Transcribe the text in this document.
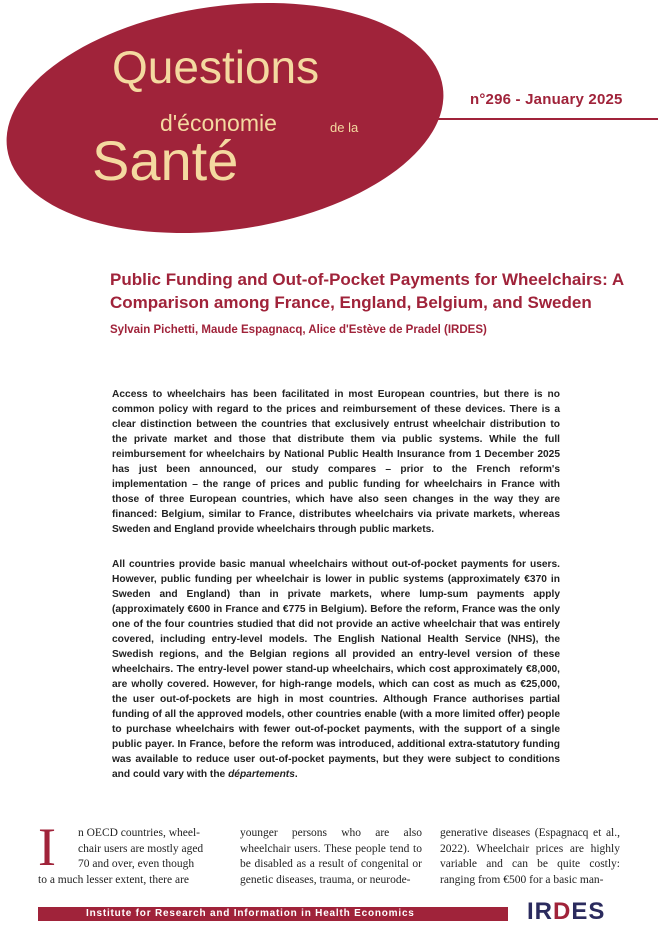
Questions
d'économie	de la
Santé
n°296 - January 2025
Public Funding and Out-of-Pocket Payments for Wheelchairs: A Comparison among France, England, Belgium, and Sweden
Sylvain Pichetti, Maude Espagnacq, Alice d'Estève de Pradel (IRDES)

Access to wheelchairs has been facilitated in most European countries, but there is no common policy with regard to the prices and reimbursement of these devices. There is a clear distinction between the countries that exclusively entrust wheelchair distribution to the private market and those that distribute them via public systems. While the full reimbursement for wheelchairs by National Public Health Insurance from 1 December 2025 has just been announced, our study compares – prior to the French reform's implementation – the range of prices and public funding for wheelchairs in France with those of three European countries, which have also seen changes in the way they are financed: Belgium, similar to France, distributes wheelchairs via private markets, whereas Sweden and England provide wheelchairs through public markets.

All countries provide basic manual wheelchairs without out-of-pocket payments for users. However, public funding per wheelchair is lower in public systems (approximately €370 in Sweden and England) than in private markets, where lump-sum payments apply (approximately €600 in France and €775 in Belgium). Before the reform, France was the only one of the four countries studied that did not provide an active wheelchair that was entirely covered, including entry-level models. The English National Health Service (NHS), the Swedish regions, and the Belgian regions all provided an entry-level version of these wheelchairs. The entry-level power stand-up wheelchairs, which cost approximately €8,000, are wholly covered. However, for high-range models, which can cost as much as €25,000, the user out-of-pockets are high in most countries. Although France authorises partial funding of all the approved models, other countries enable (with a more limited offer) people to purchase wheelchairs with fewer out-of-pocket payments, with the support of a single public payer. In France, before the reform was introduced, additional extra-statutory funding was available to reduce user out-of-pocket payments, but they were subject to conditions and could vary with the départements.

I	n OECD countries, wheel-
chair users are mostly aged
70 and over, even though
to a much lesser extent, there are
younger persons who are also wheelchair users. These people tend to be disabled as a result of congenital or genetic diseases, trauma, or neurode-
generative diseases (Espagnacq et al., 2022). Wheelchair prices are highly variable and can be quite costly: ranging from €500 for a basic man-
Institute for Research and Information in Health Economics	IRDES
